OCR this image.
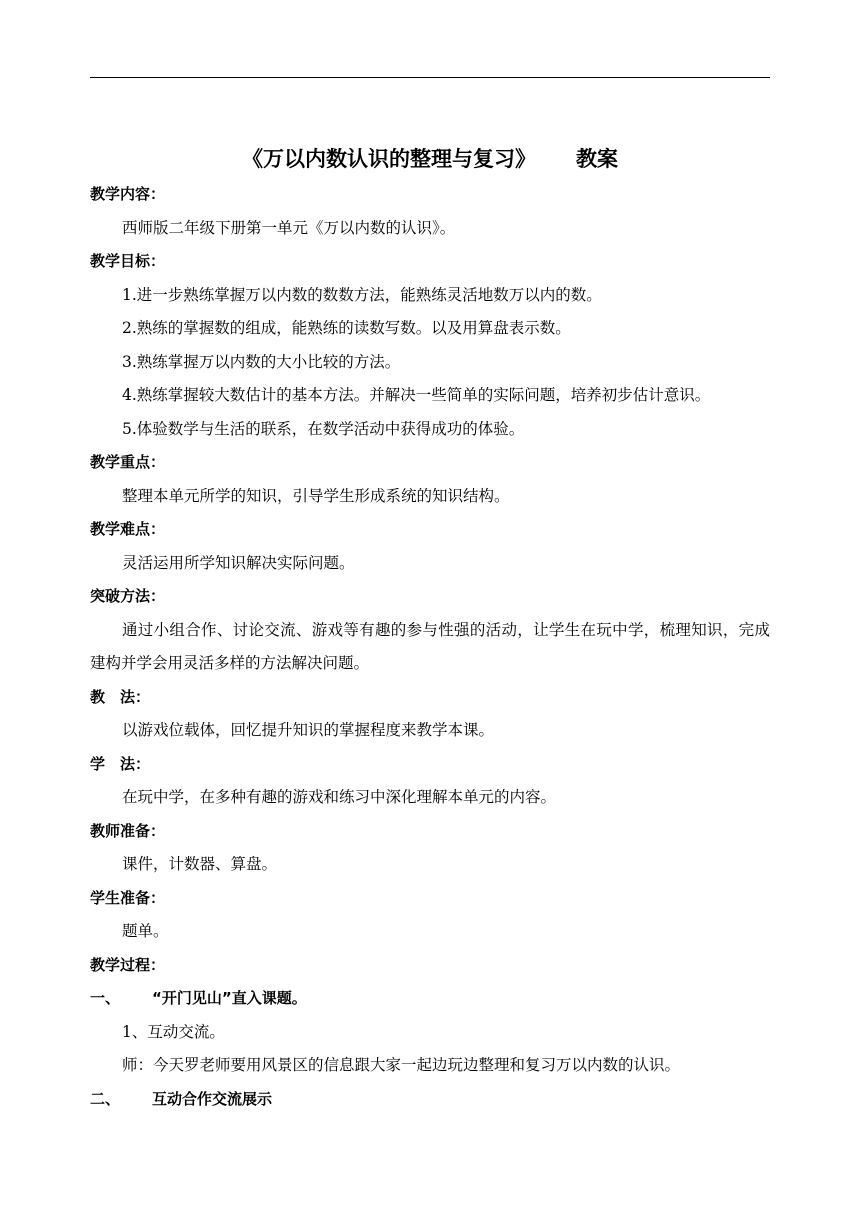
《万以内数认识的整理与复习》 教案
教学内容：
西师版二年级下册第一单元《万以内数的认识》。
教学目标：
1.进一步熟练掌握万以内数的数数方法，能熟练灵活地数万以内的数。
2.熟练的掌握数的组成，能熟练的读数写数。以及用算盘表示数。
3.熟练掌握万以内数的大小比较的方法。
4.熟练掌握较大数估计的基本方法。并解决一些简单的实际问题，培养初步估计意识。
5.体验数学与生活的联系，在数学活动中获得成功的体验。
教学重点：
整理本单元所学的知识，引导学生形成系统的知识结构。
教学难点：
灵活运用所学知识解决实际问题。
突破方法：
通过小组合作、讨论交流、游戏等有趣的参与性强的活动，让学生在玩中学，梳理知识，完成建构并学会用灵活多样的方法解决问题。
教　法：
以游戏位载体，回忆提升知识的掌握程度来教学本课。
学　法：
在玩中学，在多种有趣的游戏和练习中深化理解本单元的内容。
教师准备：
课件，计数器、算盘。
学生准备：
题单。
教学过程：
一、	“开门见山”直入课题。
1、互动交流。
师：今天罗老师要用风景区的信息跟大家一起边玩边整理和复习万以内数的认识。
二、	互动合作交流展示
